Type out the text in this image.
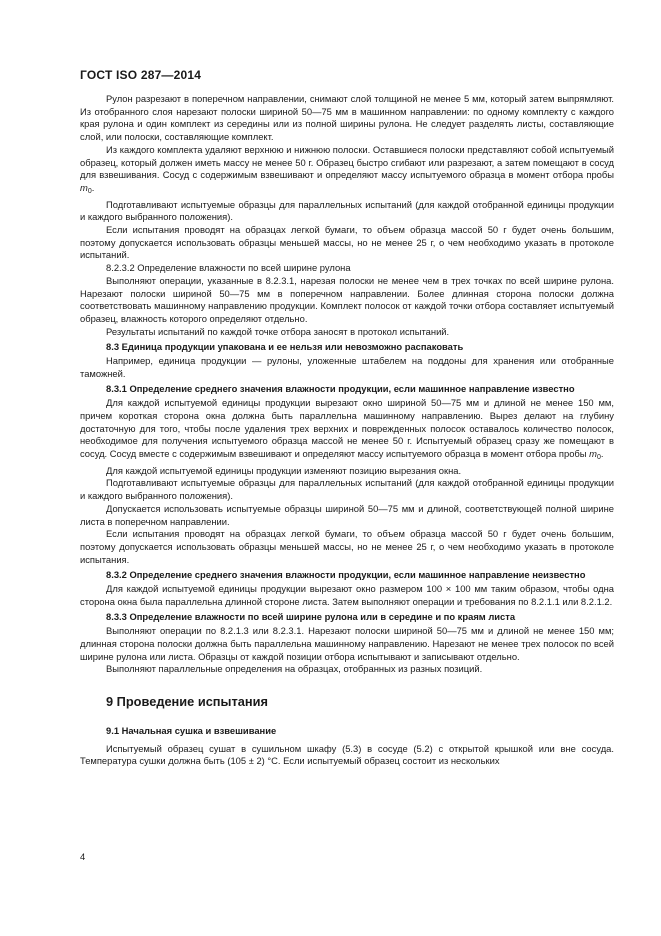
ГОСТ ISO 287—2014

Рулон разрезают в поперечном направлении, снимают слой толщиной не менее 5 мм, который затем выпрямляют. Из отобранного слоя нарезают полоски шириной 50—75 мм в машинном направлении: по одному комплекту с каждого края рулона и один комплект из середины или из полной ширины рулона. Не следует разделять листы, составляющие слой, или полоски, составляющие комплект.

Из каждого комплекта удаляют верхнюю и нижнюю полоски. Оставшиеся полоски представляют собой испытуемый образец, который должен иметь массу не менее 50 г. Образец быстро сгибают или разрезают, а затем помещают в сосуд для взвешивания. Сосуд с содержимым взвешивают и определяют массу испытуемого образца в момент отбора пробы $m_0$.

Подготавливают испытуемые образцы для параллельных испытаний (для каждой отобранной единицы продукции и каждого выбранного положения).

Если испытания проводят на образцах легкой бумаги, то объем образца массой 50 г будет очень большим, поэтому допускается использовать образцы меньшей массы, но не менее 25 г, о чем необходимо указать в протоколе испытаний.

8.2.3.2 Определение влажности по всей ширине рулона

Выполняют операции, указанные в 8.2.3.1, нарезая полоски не менее чем в трех точках по всей ширине рулона. Нарезают полоски шириной 50—75 мм в поперечном направлении. Более длинная сторона полоски должна соответствовать машинному направлению продукции. Комплект полосок от каждой точки отбора составляет испытуемый образец, влажность которого определяют отдельно.

Результаты испытаний по каждой точке отбора заносят в протокол испытаний.

8.3 Единица продукции упакована и ее нельзя или невозможно распаковать

Например, единица продукции — рулоны, уложенные штабелем на поддоны для хранения или отобранные таможней.

8.3.1 Определение среднего значения влажности продукции, если машинное направление известно

Для каждой испытуемой единицы продукции вырезают окно шириной 50—75 мм и длиной не менее 150 мм, причем короткая сторона окна должна быть параллельна машинному направлению. Вырез делают на глубину достаточную для того, чтобы после удаления трех верхних и поврежденных полосок оставалось количество полосок, необходимое для получения испытуемого образца массой не менее 50 г. Испытуемый образец сразу же помещают в сосуд. Сосуд вместе с содержимым взвешивают и определяют массу испытуемого образца в момент отбора пробы $m_0$.

Для каждой испытуемой единицы продукции изменяют позицию вырезания окна.

Подготавливают испытуемые образцы для параллельных испытаний (для каждой отобранной единицы продукции и каждого выбранного положения).

Допускается использовать испытуемые образцы шириной 50—75 мм и длиной, соответствующей полной ширине листа в поперечном направлении.

Если испытания проводят на образцах легкой бумаги, то объем образца массой 50 г будет очень большим, поэтому допускается использовать образцы меньшей массы, но не менее 25 г, о чем необходимо указать в протоколе испытания.

8.3.2 Определение среднего значения влажности продукции, если машинное направление неизвестно

Для каждой испытуемой единицы продукции вырезают окно размером 100 × 100 мм таким образом, чтобы одна сторона окна была параллельна длинной стороне листа. Затем выполняют операции и требования по 8.2.1.1 или 8.2.1.2.

8.3.3 Определение влажности по всей ширине рулона или в середине и по краям листа

Выполняют операции по 8.2.1.3 или 8.2.3.1. Нарезают полоски шириной 50—75 мм и длиной не менее 150 мм; длинная сторона полоски должна быть параллельна машинному направлению. Нарезают не менее трех полосок по всей ширине рулона или листа. Образцы от каждой позиции отбора испытывают и записывают отдельно.

Выполняют параллельные определения на образцах, отобранных из разных позиций.

9 Проведение испытания
9.1 Начальная сушка и взвешивание

Испытуемый образец сушат в сушильном шкафу (5.3) в сосуде (5.2) с открытой крышкой или вне сосуда. Температура сушки должна быть (105 ± 2) °С. Если испытуемый образец состоит из нескольких

4
